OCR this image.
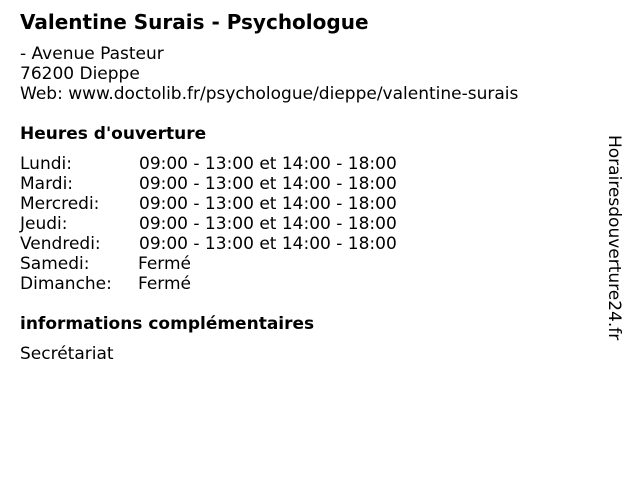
Valentine Surais - Psychologue
- Avenue Pasteur
76200 Dieppe
Web: www.doctolib.fr/psychologue/dieppe/valentine-surais
Heures d'ouverture
Lundi:	09:00 - 13:00 et 14:00 - 18:00
Mardi:	09:00 - 13:00 et 14:00 - 18:00
Mercredi: 09:00 - 13:00 et 14:00 - 18:00
Jeudi:	09:00 - 13:00 et 14:00 - 18:00
Vendredi: 09:00 - 13:00 et 14:00 - 18:00
Samedi:	Fermé
Dimanche: Fermé
informations complémentaires
Secrétariat
Horairesdouverture24.fr
